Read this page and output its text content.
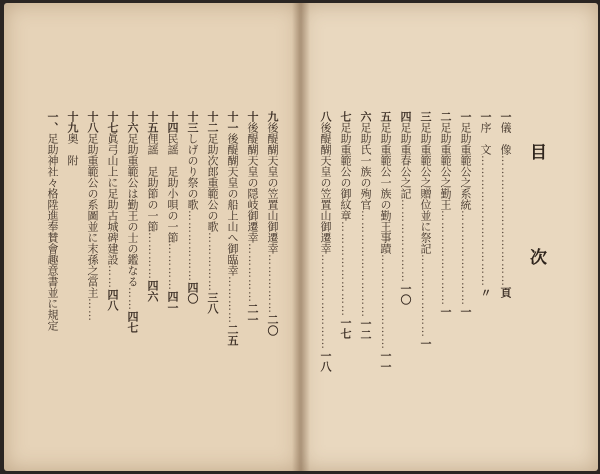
目
次
一儀　像……………………………頁
一序　文……………………………〃
一足助重範公之系統……………………一
二足助重範公之勤王……………………一
三足助重範公之贈位並に祭記…………………一
四足助重春公之記…………………一〇
五足助重範公一族の勤王事蹟……………………一一
六足助氏一族の殉官………………………一二
七足助重範公の御紋章……………………一七
八後醍醐天皇の笠置山御遷幸……………………一八
九後醍醐天皇の笠置山御遷幸……………二〇
十後醍醐天皇の隠岐御遷幸……………二一
十一後醍醐天皇の船上山へ御臨幸…………二五
十二足助次郎重範公の歌……………三八
十三しげのり祭の歌………………四〇
十四民謡　足助小唄の一節…………四一
十五俚謡　足助節の一節…………四六
十六足助重範公は勤王の士の鑑なる……四七
十七眞弓山上に足助古城碑建設……四八
十八足助重範公の系圖並に末孫之當主……
十九奥　附
一、足助神社々格陞進奉賛會趣意書並に規定
